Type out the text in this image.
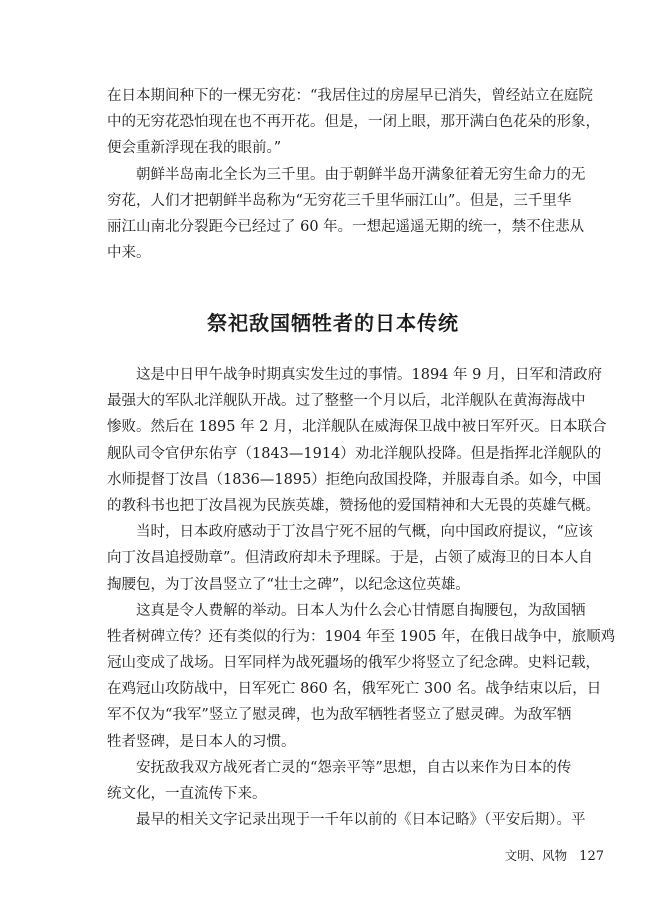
在日本期间种下的一棵无穷花：“我居住过的房屋早已消失，曾经站立在庭院
中的无穷花恐怕现在也不再开花。但是，一闭上眼，那开满白色花朵的形象，
便会重新浮现在我的眼前。”
朝鲜半岛南北全长为三千里。由于朝鲜半岛开满象征着无穷生命力的无
穷花，人们才把朝鲜半岛称为“无穷花三千里华丽江山”。但是，三千里华
丽江山南北分裂距今已经过了 60 年。一想起遥遥无期的统一，禁不住悲从
中来。
祭祀敌国牺牲者的日本传统
这是中日甲午战争时期真实发生过的事情。1894 年 9 月，日军和清政府
最强大的军队北洋舰队开战。过了整整一个月以后，北洋舰队在黄海海战中
惨败。然后在 1895 年 2 月，北洋舰队在威海保卫战中被日军歼灭。日本联合
舰队司令官伊东佑亨（1843—1914）劝北洋舰队投降。但是指挥北洋舰队的
水师提督丁汝昌（1836—1895）拒绝向敌国投降，并服毒自杀。如今，中国
的教科书也把丁汝昌视为民族英雄，赞扬他的爱国精神和大无畏的英雄气概。
当时，日本政府感动于丁汝昌宁死不屈的气概，向中国政府提议，“应该
向丁汝昌追授勋章”。但清政府却未予理睬。于是，占领了威海卫的日本人自
掏腰包，为丁汝昌竖立了“壮士之碑”，以纪念这位英雄。
这真是令人费解的举动。日本人为什么会心甘情愿自掏腰包，为敌国牺
牲者树碑立传？还有类似的行为：1904 年至 1905 年，在俄日战争中，旅顺鸡
冠山变成了战场。日军同样为战死疆场的俄军少将竖立了纪念碑。史料记载，
在鸡冠山攻防战中，日军死亡 860 名，俄军死亡 300 名。战争结束以后，日
军不仅为“我军”竖立了慰灵碑，也为敌军牺牲者竖立了慰灵碑。为敌军牺
牲者竖碑，是日本人的习惯。
安抚敌我双方战死者亡灵的“怨亲平等”思想，自古以来作为日本的传
统文化，一直流传下来。
最早的相关文字记录出现于一千年以前的《日本记略》（平安后期）。平
文明、风物 127
